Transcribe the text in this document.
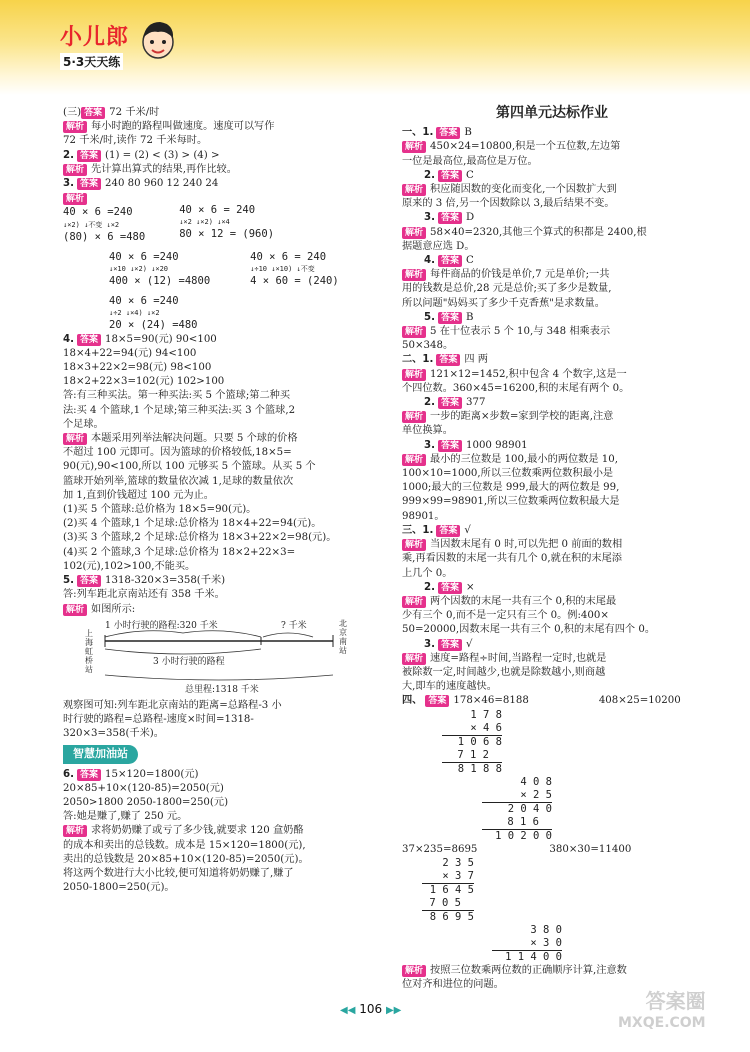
小儿郎
5·3天天练
(三) 答案 72 千米/时
解析 每小时跑的路程叫做速度。速度可以写作
72 千米/时,读作 72 千米每时。
2. 答案 (1) = (2) < (3) > (4) >
解析 先计算出算式的结果,再作比较。
3. 答案 240 80 960 12 240 24
解析
40 × 6 =240
↓×2) ↓不变 ↓×2
(80) × 6 =480
40 × 6 = 240
↓×2 ↓×2) ↓×4
80 × 12 = (960)
40 × 6 =240
↓×10 ↓×2) ↓×20
400 × (12) =4800
40 × 6 = 240
↓÷10 ↓×10) ↓不变
4 × 60 = (240)
40 × 6 =240
↓÷2 ↓×4) ↓×2
20 × (24) =480
4. 答案 18×5=90(元) 90<100
18×4+22=94(元) 94<100
18×3+22×2=98(元) 98<100
18×2+22×3=102(元) 102>100
答:有三种买法。第一种买法:买 5 个篮球;第二种买
法:买 4 个篮球,1 个足球;第三种买法:买 3 个篮球,2
个足球。
解析 本题采用列举法解决问题。只要 5 个球的价格
不超过 100 元即可。因为篮球的价格较低,18×5=
90(元),90<100,所以 100 元够买 5 个篮球。从买 5 个
篮球开始列举,篮球的数量依次减 1,足球的数量依次
加 1,直到价钱超过 100 元为止。
(1)买 5 个篮球:总价格为 18×5=90(元)。
(2)买 4 个篮球,1 个足球:总价格为 18×4+22=94(元)。
(3)买 3 个篮球,2 个足球:总价格为 18×3+22×2=98(元)。
(4)买 2 个篮球,3 个足球:总价格为 18×2+22×3=
102(元),102>100,不能买。
5. 答案 1318-320×3=358(千米)
答:列车距北京南站还有 358 千米。
解析 如图所示:
1 小时行驶的路程:320 千米	? 千米
上海虹桥站
北京南站
3 小时行驶的路程
总里程:1318 千米
观察图可知:列车距北京南站的距离=总路程-3 小
时行驶的路程=总路程-速度×时间=1318-
320×3=358(千米)。
智慧加油站
6. 答案 15×120=1800(元)
20×85+10×(120-85)=2050(元)
2050>1800 2050-1800=250(元)
答:她是赚了,赚了 250 元。
解析 求将奶奶赚了或亏了多少钱,就要求 120 盒奶酪
的成本和卖出的总钱数。成本是 15×120=1800(元),
卖出的总钱数是 20×85+10×(120-85)=2050(元)。
将这两个数进行大小比较,便可知道将奶奶赚了,赚了
2050-1800=250(元)。
第四单元达标作业
一、1. 答案 B
解析 450×24=10800,积是一个五位数,左边第
一位是最高位,最高位是万位。
2. 答案 C
解析 积应随因数的变化而变化,一个因数扩大到
原来的 3 倍,另一个因数除以 3,最后结果不变。
3. 答案 D
解析 58×40=2320,其他三个算式的积都是 2400,根
据题意应选 D。
4. 答案 C
解析 每件商品的价钱是单价,7 元是单价;一共
用的钱数是总价,28 元是总价;买了多少是数量,
所以问题"妈妈买了多少千克香蕉"是求数量。
5. 答案 B
解析 5 在十位表示 5 个 10,与 348 相乘表示
50×348。
二、1. 答案 四 两
解析 121×12=1452,积中包含 4 个数字,这是一
个四位数。360×45=16200,积的末尾有两个 0。
2. 答案 377
解析 一步的距离×步数=家到学校的距离,注意
单位换算。
3. 答案 1000 98901
解析 最小的三位数是 100,最小的两位数是 10,
100×10=1000,所以三位数乘两位数积最小是
1000;最大的三位数是 999,最大的两位数是 99,
999×99=98901,所以三位数乘两位数积最大是
98901。
三、1. 答案 √
解析 当因数末尾有 0 时,可以先把 0 前面的数相
乘,再看因数的末尾一共有几个 0,就在积的末尾添
上几个 0。
2. 答案 ×
解析 两个因数的末尾一共有三个 0,积的末尾最
少有三个 0,而不是一定只有三个 0。例:400×
50=20000,因数末尾一共有三个 0,积的末尾有四个 0。
3. 答案 √
解析 速度=路程÷时间,当路程一定时,也就是
被除数一定,时间越少,也就是除数越小,则商越
大,即车的速度越快。
四、 答案 178×46=8188	408×25=10200
1 7 8
× 4 6
1 0 6 8
7 1 2
8 1 8 8

4 0 8
× 2 5
2 0 4 0
8 1 6
1 0 2 0 0
37×235=8695	380×30=11400
2 3 5
× 3 7
1 6 4 5
7 0 5
8 6 9 5

3 8 0
× 3 0
1 1 4 0 0
解析 按照三位数乘两位数的正确顺序计算,注意数
位对齐和进位的问题。
◀◀ 106 ▶▶	答案圈
MXQE.COM
